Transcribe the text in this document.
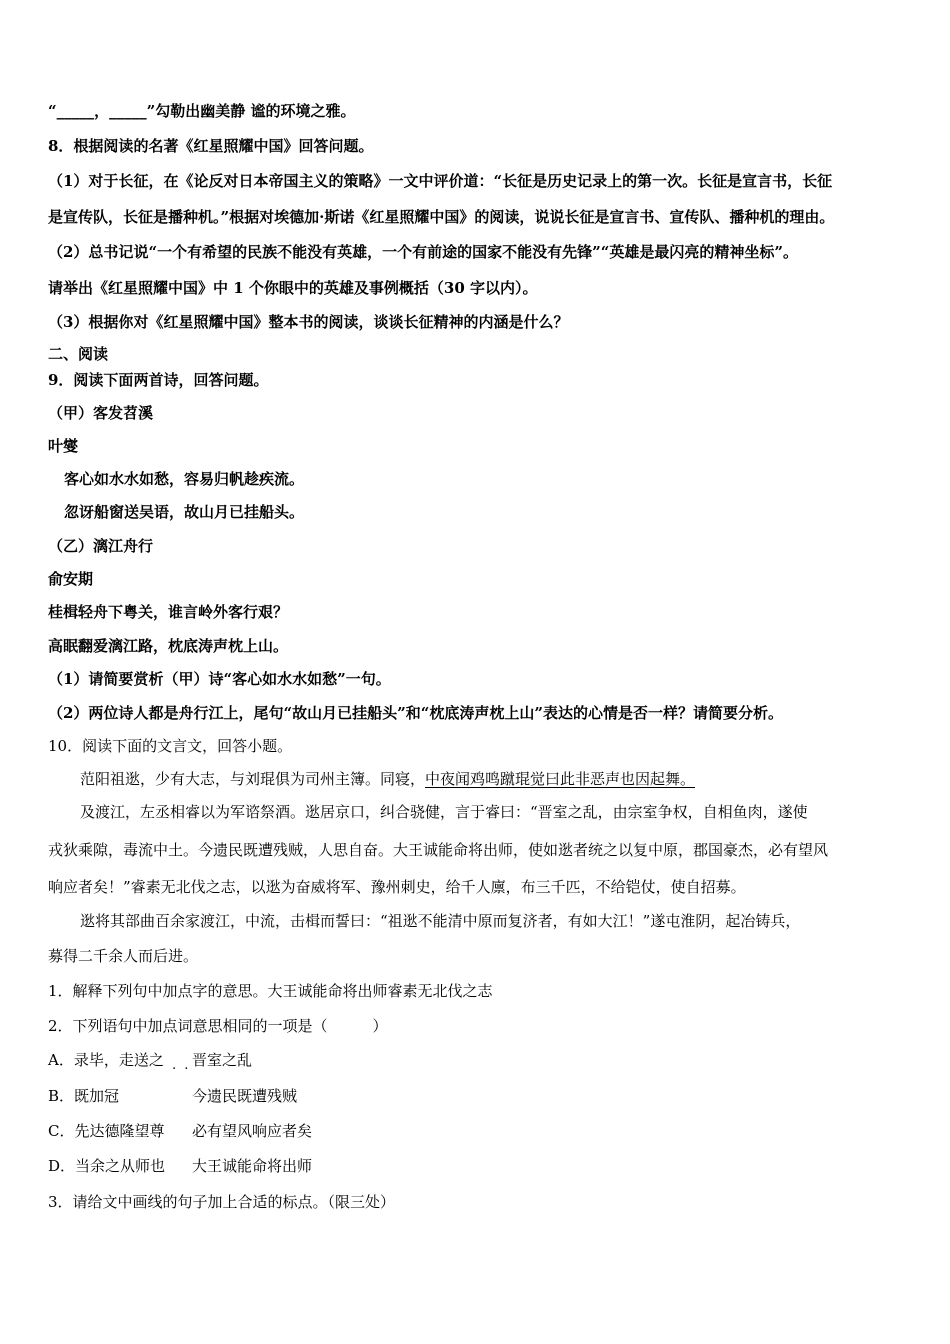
“_____，_____”勾勒出幽美静 谧的环境之雅。
8．根据阅读的名著《红星照耀中国》回答问题。
（1）对于长征，在《论反对日本帝国主义的策略》一文中评价道：“长征是历史记录上的第一次。长征是宣言书，长征
是宣传队，长征是播种机。”根据对埃德加·斯诺《红星照耀中国》的阅读，说说长征是宣言书、宣传队、播种机的理由。
（2）总书记说“一个有希望的民族不能没有英雄，一个有前途的国家不能没有先锋”“英雄是最闪亮的精神坐标”。
请举出《红星照耀中国》中 1 个你眼中的英雄及事例概括（30 字以内）。
（3）根据你对《红星照耀中国》整本书的阅读，谈谈长征精神的内涵是什么？
二、阅读
9．阅读下面两首诗，回答问题。
（甲）客发苕溪
叶燮
客心如水水如愁，容易归帆趁疾流。
忽讶船窗送吴语，故山月已挂船头。
（乙）漓江舟行
俞安期
桂楫轻舟下粤关，谁言岭外客行艰？
高眠翻爱漓江路，枕底涛声枕上山。
（1）请简要赏析（甲）诗“客心如水水如愁”一句。
（2）两位诗人都是舟行江上，尾句“故山月已挂船头”和“枕底涛声枕上山”表达的心情是否一样？请简要分析。
10．阅读下面的文言文，回答小题。
范阳祖逖，少有大志，与刘琨俱为司州主簿。同寝，中夜闻鸡鸣蹴琨觉曰此非恶声也因起舞。
及渡江，左丞相睿以为军谘祭酒。逖居京口，纠合骁健，言于睿曰：“晋室之乱，由宗室争权，自相鱼肉，遂使
戎狄乘隙，毒流中土。今遗民既遭残贼，人思自奋。大王诚能命将出师，使如逖者统之以复中原，郡国豪杰，必有望风
响应者矣！”睿素无北伐之志，以逖为奋威将军、豫州刺史，给千人廪，布三千匹，不给铠仗，使自招募。
逖将其部曲百余家渡江，中流，击楫而誓曰：“祖逖不能清中原而复济者，有如大江！”遂屯淮阴，起冶铸兵，
募得二千余人而后进。
1．解释下列句中加点字的意思。大王诚能命将出师睿素无北伐之志
2．下列语句中加点词意思相同的一项是（　　　）
A．录毕，走送之 . . 晋室之乱
B．既加冠	今遗民既遭残贼
C．先达德隆望尊 必有望风响应者矣
D．当余之从师也 大王诚能命将出师
3．请给文中画线的句子加上合适的标点。（限三处）
